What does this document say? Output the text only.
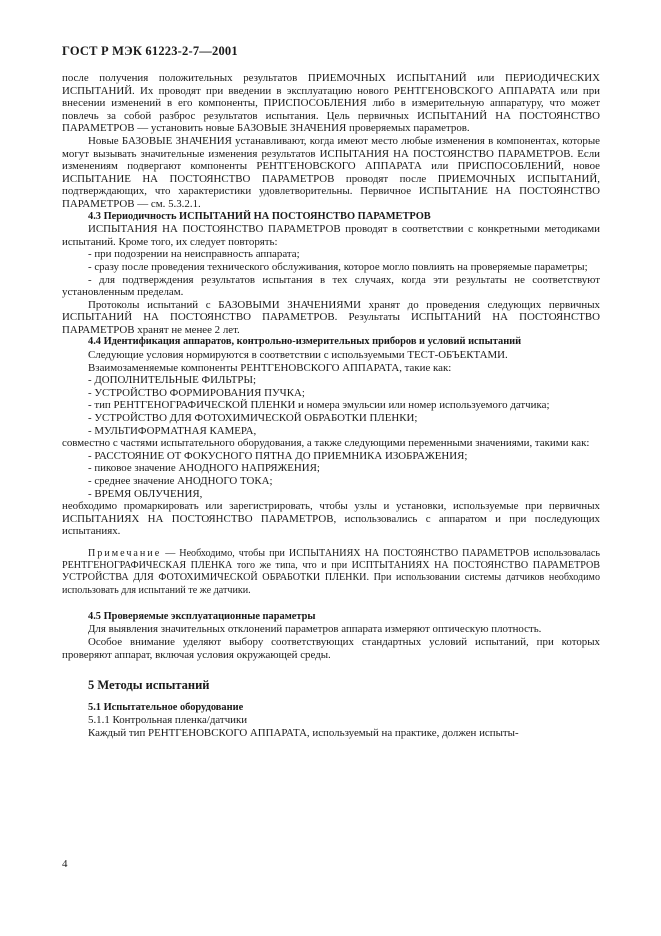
ГОСТ Р МЭК 61223-2-7—2001

после получения положительных результатов ПРИЕМОЧНЫХ ИСПЫТАНИЙ или ПЕРИОДИЧЕСКИХ ИСПЫТАНИЙ. Их проводят при введении в эксплуатацию нового РЕНТГЕНОВСКОГО АППАРАТА или при внесении изменений в его компоненты, ПРИСПОСОБЛЕНИЯ либо в измерительную аппаратуру, что может повлечь за собой разброс результатов испытания. Цель первичных ИСПЫТАНИЙ НА ПОСТОЯНСТВО ПАРАМЕТРОВ — установить новые БАЗОВЫЕ ЗНАЧЕНИЯ проверяемых параметров.

Новые БАЗОВЫЕ ЗНАЧЕНИЯ устанавливают, когда имеют место любые изменения в компонентах, которые могут вызывать значительные изменения результатов ИСПЫТАНИЯ НА ПОСТОЯНСТВО ПАРАМЕТРОВ. Если изменениям подвергают компоненты РЕНТГЕНОВСКОГО АППАРАТА или ПРИСПОСОБЛЕНИЙ, новое ИСПЫТАНИЕ НА ПОСТОЯНСТВО ПАРАМЕТРОВ проводят после ПРИЕМОЧНЫХ ИСПЫТАНИЙ, подтверждающих, что характеристики удовлетворительны. Первичное ИСПЫТАНИЕ НА ПОСТОЯНСТВО ПАРАМЕТРОВ — см. 5.3.2.1.

4.3 Периодичность ИСПЫТАНИЙ НА ПОСТОЯНСТВО ПАРАМЕТРОВ

ИСПЫТАНИЯ НА ПОСТОЯНСТВО ПАРАМЕТРОВ проводят в соответствии с конкретными методиками испытаний. Кроме того, их следует повторять:

- при подозрении на неисправность аппарата;

- сразу после проведения технического обслуживания, которое могло повлиять на проверяемые параметры;

- для подтверждения результатов испытания в тех случаях, когда эти результаты не соответствуют установленным пределам.

Протоколы испытаний с БАЗОВЫМИ ЗНАЧЕНИЯМИ хранят до проведения следующих первичных ИСПЫТАНИЙ НА ПОСТОЯНСТВО ПАРАМЕТРОВ. Результаты ИСПЫТАНИЙ НА ПОСТОЯНСТВО ПАРАМЕТРОВ хранят не менее 2 лет.

4.4 Идентификация аппаратов, контрольно-измерительных приборов и условий испытаний

Следующие условия нормируются в соответствии с используемыми ТЕСТ-ОБЪЕКТАМИ.

Взаимозаменяемые компоненты РЕНТГЕНОВСКОГО АППАРАТА, такие как:

- ДОПОЛНИТЕЛЬНЫЕ ФИЛЬТРЫ;

- УСТРОЙСТВО ФОРМИРОВАНИЯ ПУЧКА;

- тип РЕНТГЕНОГРАФИЧЕСКОЙ ПЛЕНКИ и номера эмульсии или номер используемого датчика;

- УСТРОЙСТВО ДЛЯ ФОТОХИМИЧЕСКОЙ ОБРАБОТКИ ПЛЕНКИ;

- МУЛЬТИФОРМАТНАЯ КАМЕРА,

совместно с частями испытательного оборудования, а также следующими переменными значениями, такими как:

- РАССТОЯНИЕ ОТ ФОКУСНОГО ПЯТНА ДО ПРИЕМНИКА ИЗОБРАЖЕНИЯ;

- пиковое значение АНОДНОГО НАПРЯЖЕНИЯ;

- среднее значение АНОДНОГО ТОКА;

- ВРЕМЯ ОБЛУЧЕНИЯ,

необходимо промаркировать или зарегистрировать, чтобы узлы и установки, используемые при первичных ИСПЫТАНИЯХ НА ПОСТОЯНСТВО ПАРАМЕТРОВ, использовались с аппаратом и при последующих испытаниях.

Примечание — Необходимо, чтобы при ИСПЫТАНИЯХ НА ПОСТОЯНСТВО ПАРАМЕТРОВ использовалась РЕНТГЕНОГРАФИЧЕСКАЯ ПЛЕНКА того же типа, что и при ИСПТЫТАНИЯХ НА ПОСТОЯНСТВО ПАРАМЕТРОВ УСТРОЙСТВА ДЛЯ ФОТОХИМИЧЕСКОЙ ОБРАБОТКИ ПЛЕНКИ. При использовании системы датчиков необходимо использовать для испытаний те же датчики.

4.5 Проверяемые эксплуатационные параметры

Для выявления значительных отклонений параметров аппарата измеряют оптическую плотность.

Особое внимание уделяют выбору соответствующих стандартных условий испытаний, при которых проверяют аппарат, включая условия окружающей среды.

5 Методы испытаний

5.1 Испытательное оборудование

5.1.1 Контрольная пленка/датчики

Каждый тип РЕНТГЕНОВСКОГО АППАРАТА, используемый на практике, должен испыты-

4
